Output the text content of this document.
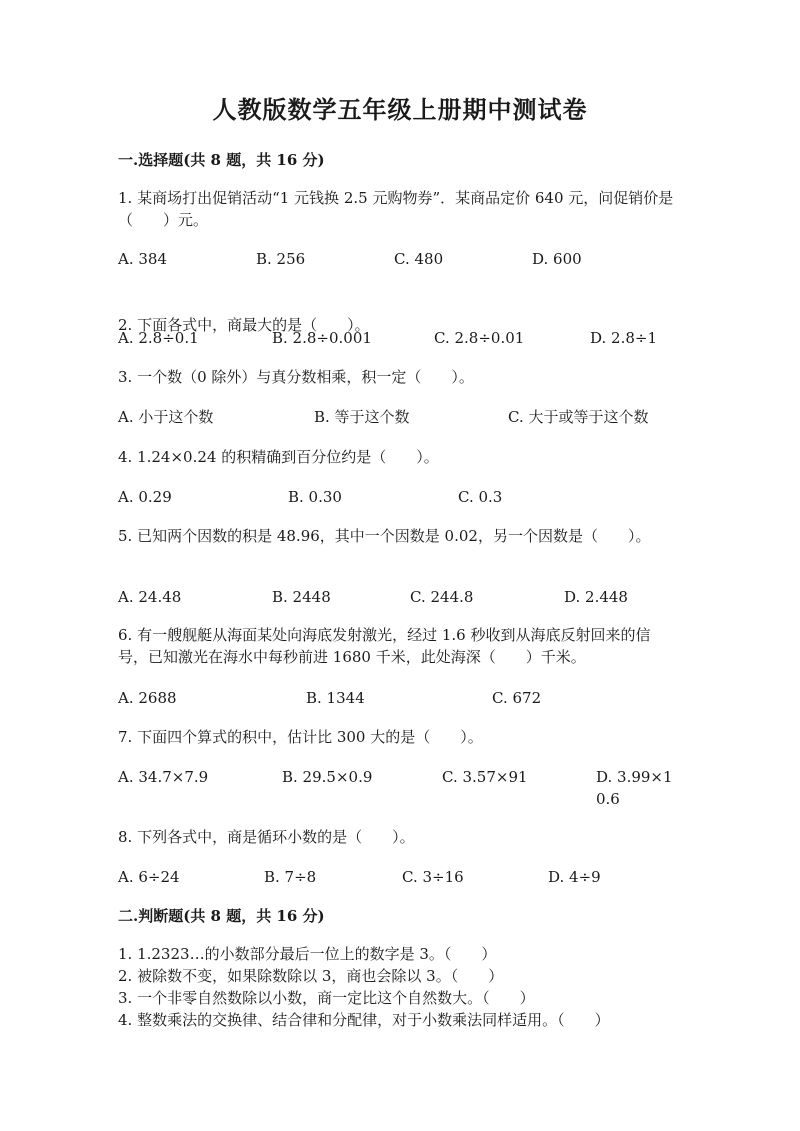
人教版数学五年级上册期中测试卷
一.选择题(共 8 题，共 16 分)
1. 某商场打出促销活动“1 元钱换 2.5 元购物券”．某商品定价 640 元，问促销价是（　　）元。
A. 384	B. 256	C. 480	D. 600
2. 下面各式中，商最大的是（　　）。
A. 2.8÷0.1	B. 2.8÷0.001	C. 2.8÷0.01	D. 2.8÷1
3. 一个数（0 除外）与真分数相乘，积一定（　　）。
A. 小于这个数	B. 等于这个数	C. 大于或等于这个数
4. 1.24×0.24 的积精确到百分位约是（　　）。
A. 0.29	B. 0.30	C. 0.3
5. 已知两个因数的积是 48.96，其中一个因数是 0.02，另一个因数是（　　）。
A. 24.48	B. 2448	C. 244.8	D. 2.448
6. 有一艘舰艇从海面某处向海底发射激光，经过 1.6 秒收到从海底反射回来的信号，已知激光在海水中每秒前进 1680 千米，此处海深（　　）千米。
A. 2688	B. 1344	C. 672
7. 下面四个算式的积中，估计比 300 大的是（　　）。
A. 34.7×7.9	B. 29.5×0.9	C. 3.57×91	D. 3.99×10.6
8. 下列各式中，商是循环小数的是（　　）。
A. 6÷24	B. 7÷8	C. 3÷16	D. 4÷9
二.判断题(共 8 题，共 16 分)
1. 1.2323…的小数部分最后一位上的数字是 3。（　　）
2. 被除数不变，如果除数除以 3，商也会除以 3。（　　）
3. 一个非零自然数除以小数，商一定比这个自然数大。（　　）
4. 整数乘法的交换律、结合律和分配律，对于小数乘法同样适用。（　　）
